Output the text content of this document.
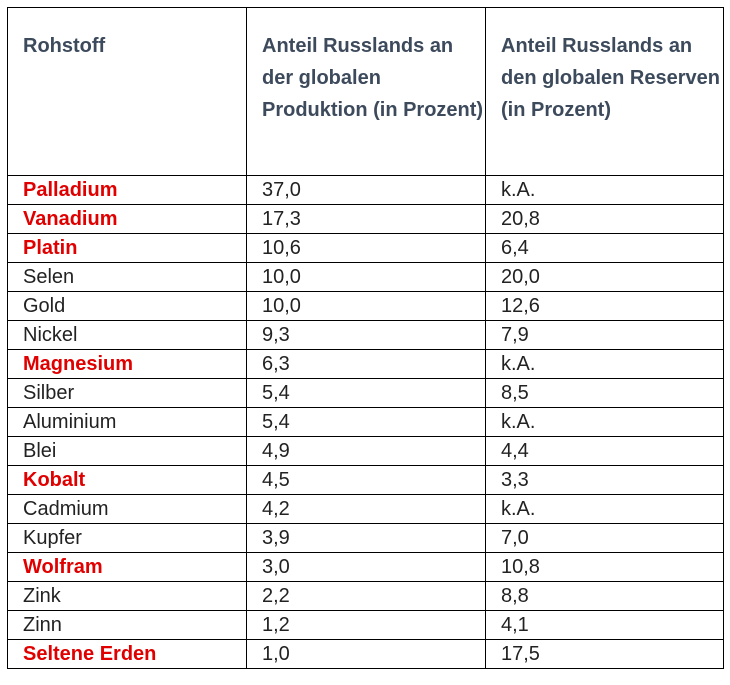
Rohstoff	Anteil Russlands an der globalen Produktion (in Prozent)	Anteil Russlands an den globalen Reserven (in Prozent)
Palladium	37,0	k.A.
Vanadium	17,3	20,8
Platin	10,6	6,4
Selen	10,0	20,0
Gold	10,0	12,6
Nickel	9,3	7,9
Magnesium	6,3	k.A.
Silber	5,4	8,5
Aluminium	5,4	k.A.
Blei	4,9	4,4
Kobalt	4,5	3,3
Cadmium	4,2	k.A.
Kupfer	3,9	7,0
Wolfram	3,0	10,8
Zink	2,2	8,8
Zinn	1,2	4,1
Seltene Erden	1,0	17,5
